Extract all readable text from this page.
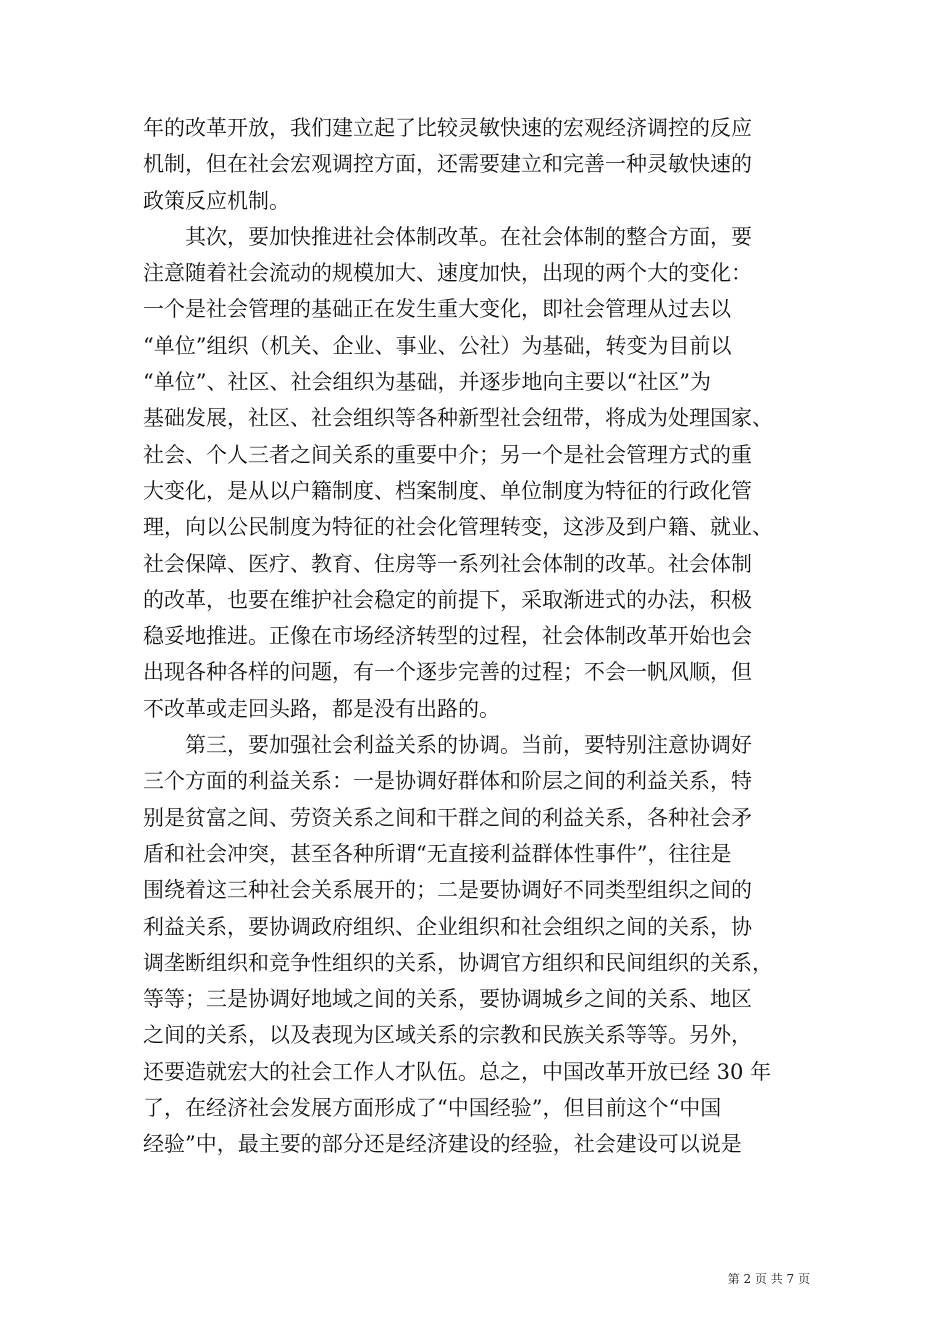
年的改革开放，我们建立起了比较灵敏快速的宏观经济调控的反应
机制，但在社会宏观调控方面，还需要建立和完善一种灵敏快速的
政策反应机制。
　　其次，要加快推进社会体制改革。在社会体制的整合方面，要
注意随着社会流动的规模加大、速度加快，出现的两个大的变化：
一个是社会管理的基础正在发生重大变化，即社会管理从过去以
“单位”组织（机关、企业、事业、公社）为基础，转变为目前以
“单位”、社区、社会组织为基础，并逐步地向主要以“社区”为
基础发展，社区、社会组织等各种新型社会纽带，将成为处理国家、
社会、个人三者之间关系的重要中介；另一个是社会管理方式的重
大变化，是从以户籍制度、档案制度、单位制度为特征的行政化管
理，向以公民制度为特征的社会化管理转变，这涉及到户籍、就业、
社会保障、医疗、教育、住房等一系列社会体制的改革。社会体制
的改革，也要在维护社会稳定的前提下，采取渐进式的办法，积极
稳妥地推进。正像在市场经济转型的过程，社会体制改革开始也会
出现各种各样的问题，有一个逐步完善的过程；不会一帆风顺，但
不改革或走回头路，都是没有出路的。
　　第三，要加强社会利益关系的协调。当前，要特别注意协调好
三个方面的利益关系：一是协调好群体和阶层之间的利益关系，特
别是贫富之间、劳资关系之间和干群之间的利益关系，各种社会矛
盾和社会冲突，甚至各种所谓“无直接利益群体性事件”，往往是
围绕着这三种社会关系展开的；二是要协调好不同类型组织之间的
利益关系，要协调政府组织、企业组织和社会组织之间的关系，协
调垄断组织和竞争性组织的关系，协调官方组织和民间组织的关系，
等等；三是协调好地域之间的关系，要协调城乡之间的关系、地区
之间的关系，以及表现为区域关系的宗教和民族关系等等。另外，
还要造就宏大的社会工作人才队伍。总之，中国改革开放已经 30 年
了，在经济社会发展方面形成了“中国经验”，但目前这个“中国
经验”中，最主要的部分还是经济建设的经验，社会建设可以说是
第 2 页 共 7 页
